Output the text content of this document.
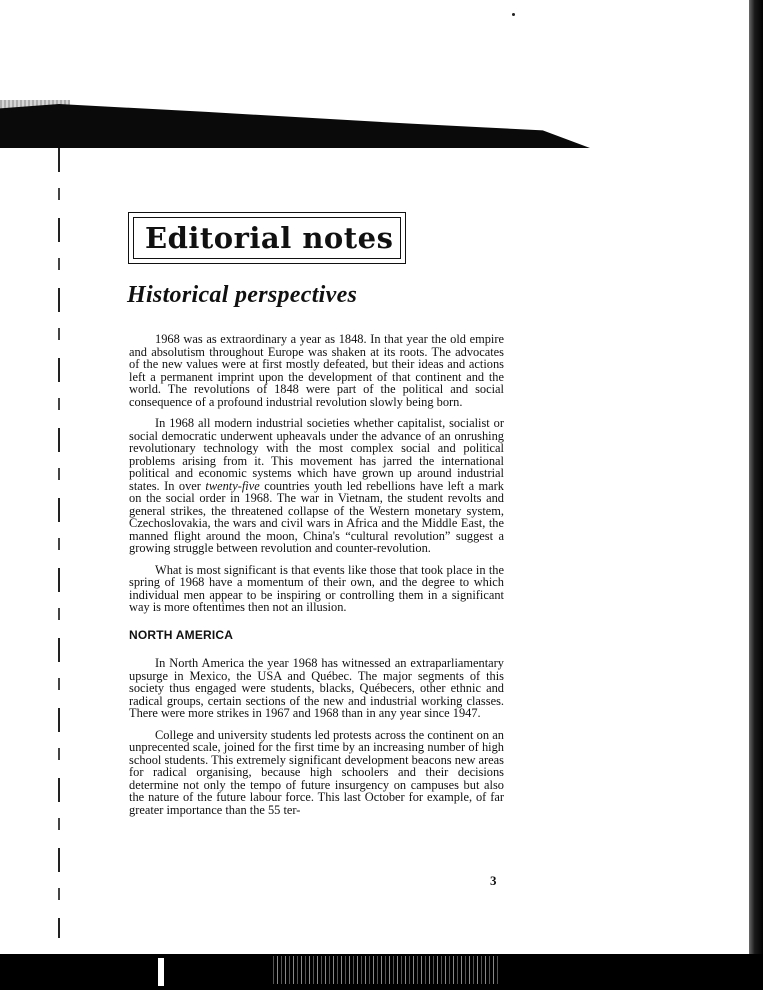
Editorial notes
Historical perspectives

1968 was as extraordinary a year as 1848. In that year the old empire and absolutism throughout Europe was shaken at its roots. The advocates of the new values were at first mostly defeated, but their ideas and actions left a permanent imprint upon the development of that continent and the world. The revolutions of 1848 were part of the political and social consequence of a profound industrial revolution slowly being born.

In 1968 all modern industrial societies whether capitalist, socialist or social democratic underwent upheavals under the advance of an onrushing revolutionary technology with the most complex social and political problems arising from it. This movement has jarred the international political and economic systems which have grown up around industrial states. In over twenty-five countries youth led rebellions have left a mark on the social order in 1968. The war in Vietnam, the student revolts and general strikes, the threatened collapse of the Western monetary system, Czechoslovakia, the wars and civil wars in Africa and the Middle East, the manned flight around the moon, China's “cultural revolution” suggest a growing struggle between revolution and counter-revolution.

What is most significant is that events like those that took place in the spring of 1968 have a momentum of their own, and the degree to which individual men appear to be inspiring or controlling them in a significant way is more oftentimes then not an illusion.

NORTH AMERICA

In North America the year 1968 has witnessed an extraparliamentary upsurge in Mexico, the USA and Québec. The major segments of this society thus engaged were students, blacks, Québecers, other ethnic and radical groups, certain sections of the new and industrial working classes. There were more strikes in 1967 and 1968 than in any year since 1947.

College and university students led protests across the continent on an unprecented scale, joined for the first time by an increasing number of high school students. This extremely significant development beacons new areas for radical organising, because high schoolers and their decisions determine not only the tempo of future insurgency on campuses but also the nature of the future labour force. This last October for example, of far greater importance than the 55 ter-

3
